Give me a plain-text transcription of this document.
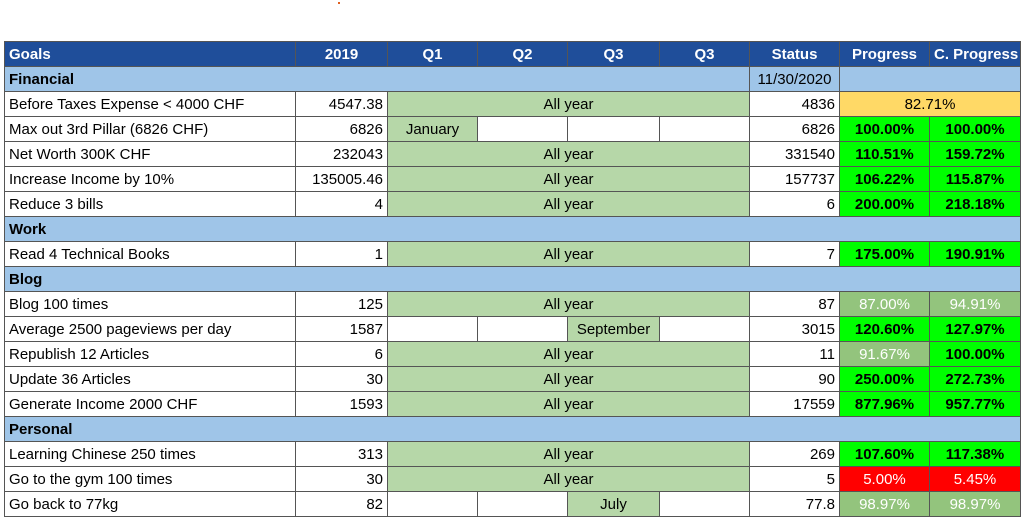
Goals	2019	Q1	Q2	Q3	Q3	Status	Progress	C. Progress
Financial						11/30/2020		
Before Taxes Expense < 4000 CHF	4547.38	All year				4836	82.71%	
Max out 3rd Pillar (6826 CHF)	6826	January				6826	100.00%	100.00%
Net Worth 300K CHF	232043	All year				331540	110.51%	159.72%
Increase Income by 10%	135005.46	All year				157737	106.22%	115.87%
Reduce 3 bills	4	All year				6	200.00%	218.18%
Work								
Read 4 Technical Books	1	All year				7	175.00%	190.91%
Blog								
Blog 100 times	125	All year				87	87.00%	94.91%
Average 2500 pageviews per day	1587			September		3015	120.60%	127.97%
Republish 12 Articles	6	All year				11	91.67%	100.00%
Update 36 Articles	30	All year				90	250.00%	272.73%
Generate Income 2000 CHF	1593	All year				17559	877.96%	957.77%
Personal								
Learning Chinese 250 times	313	All year				269	107.60%	117.38%
Go to the gym 100 times	30	All year				5	5.00%	5.45%
Go back to 77kg	82			July		77.8	98.97%	98.97%
